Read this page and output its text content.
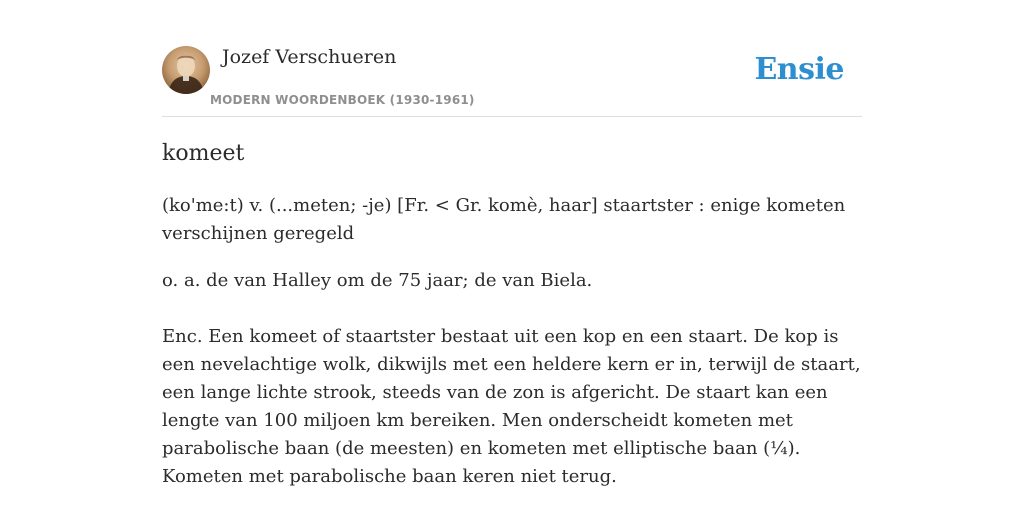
Jozef Verschueren
MODERN WOORDENBOEK (1930-1961)
Ensie
komeet

(ko'me:t) v. (...meten; -je) [Fr. < Gr. komè, haar] staartster : enige kometen verschijnen geregeld

o. a. de van Halley om de 75 jaar; de van Biela.

Enc. Een komeet of staartster bestaat uit een kop en een staart. De kop is een nevelachtige wolk, dikwijls met een heldere kern er in, terwijl de staart, een lange lichte strook, steeds van de zon is afgericht. De staart kan een lengte van 100 miljoen km bereiken. Men onderscheidt kometen met parabolische baan (de meesten) en kometen met elliptische baan (¼). Kometen met parabolische baan keren niet terug.
